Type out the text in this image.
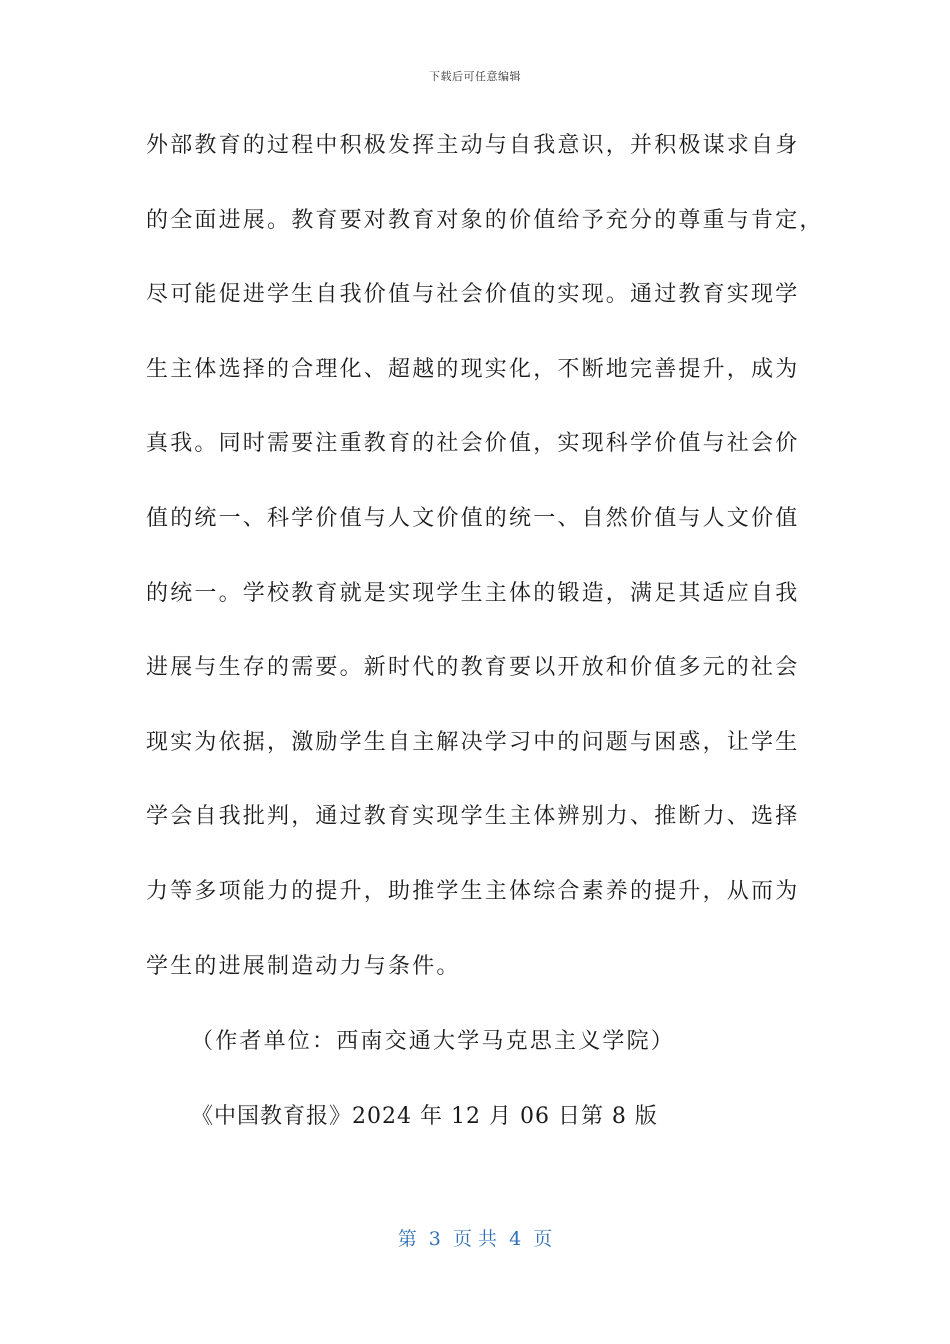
下载后可任意编辑
外部教育的过程中积极发挥主动与自我意识，并积极谋求自身
的全面进展。教育要对教育对象的价值给予充分的尊重与肯定，
尽可能促进学生自我价值与社会价值的实现。通过教育实现学
生主体选择的合理化、超越的现实化，不断地完善提升，成为
真我。同时需要注重教育的社会价值，实现科学价值与社会价
值的统一、科学价值与人文价值的统一、自然价值与人文价值
的统一。学校教育就是实现学生主体的锻造，满足其适应自我
进展与生存的需要。新时代的教育要以开放和价值多元的社会
现实为依据，激励学生自主解决学习中的问题与困惑，让学生
学会自我批判，通过教育实现学生主体辨别力、推断力、选择
力等多项能力的提升，助推学生主体综合素养的提升，从而为
学生的进展制造动力与条件。
（作者单位：西南交通大学马克思主义学院）
《中国教育报》2024 年 12 月 06 日第 8 版
第  3  页 共  4  页
